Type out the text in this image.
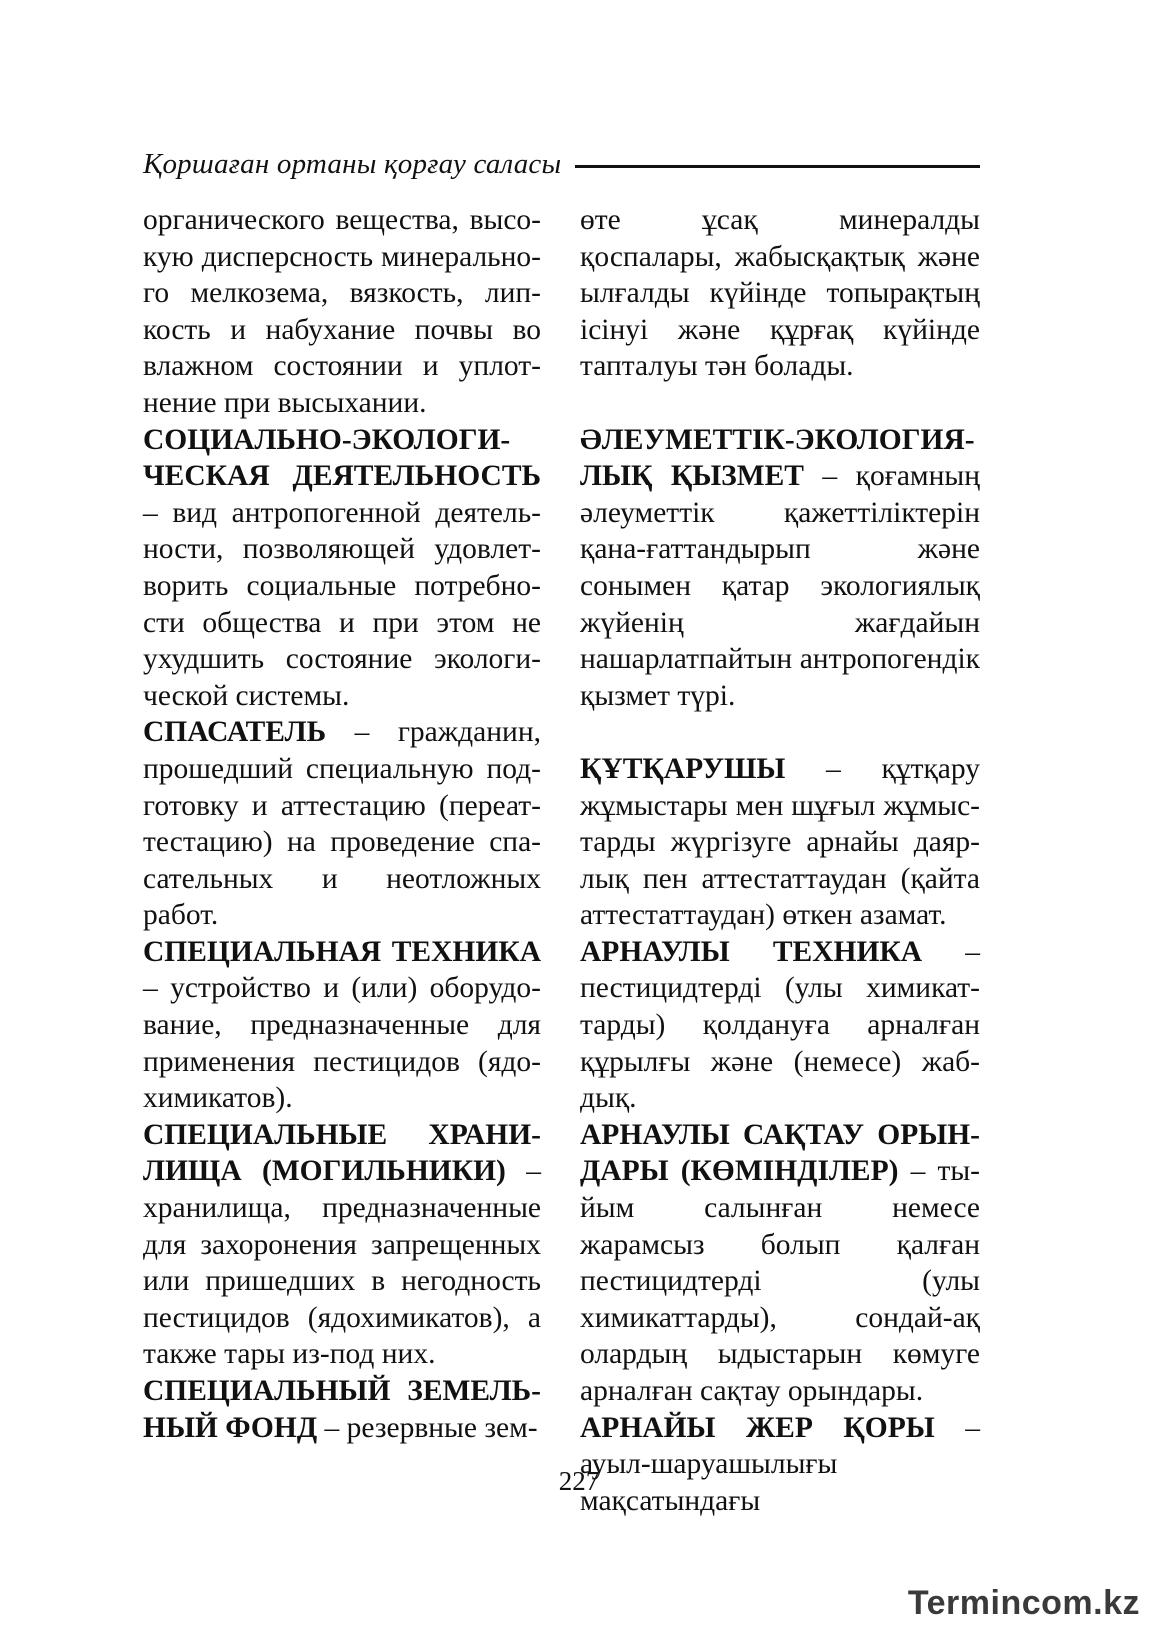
Қоршаған ортаны қорғау саласы

органического вещества, высо-кую дисперсность минерально-го мелкозема, вязкость, лип-кость и набухание почвы во влажном состоянии и уплот-нение при высыхании.

СОЦИАЛЬНО-ЭКОЛОГИ-ЧЕСКАЯ ДЕЯТЕЛЬНОСТЬ – вид антропогенной деятель-ности, позволяющей удовлет-ворить социальные потребно-сти общества и при этом не ухудшить состояние экологи-ческой системы.

СПАСАТЕЛЬ – гражданин, прошедший специальную под-готовку и аттестацию (переат-тестацию) на проведение спа-сательных и неотложных работ.

СПЕЦИАЛЬНАЯ ТЕХНИКА – устройство и (или) оборудо-вание, предназначенные для применения пестицидов (ядо-химикатов).

СПЕЦИАЛЬНЫЕ ХРАНИ-ЛИЩА (МОГИЛЬНИКИ) – хранилища, предназначенные для захоронения запрещенных или пришедших в негодность пестицидов (ядохимикатов), а также тары из-под них.

СПЕЦИАЛЬНЫЙ ЗЕМЕЛЬ-НЫЙ ФОНД – резервные зем-

өте ұсақ минералды қоспалары, жабысқақтық және ылғалды күйінде топырақтың ісінуі және құрғақ күйінде тапталуы тән болады.

ӘЛЕУМЕТТІК-ЭКОЛОГИЯ-ЛЫҚ ҚЫЗМЕТ – қоғамның әлеуметтік қажеттіліктерін қана-ғаттандырып және сонымен қатар экологиялық жүйенің жағдайын нашарлатпайтын антропогендік қызмет түрі.

ҚҰТҚАРУШЫ – құтқару жұмыстары мен шұғыл жұмыс-тарды жүргізуге арнайы даяр-лық пен аттестаттаудан (қайта аттестаттаудан) өткен азамат.

АРНАУЛЫ ТЕХНИКА – пестицидтерді (улы химикат-тарды) қолдануға арналған құрылғы және (немесе) жаб-дық.

АРНАУЛЫ САҚТАУ ОРЫН-ДАРЫ (КӨМІНДІЛЕР) – ты-йым салынған немесе жарамсыз болып қалған пестицидтерді (улы химикаттарды), сондай-ақ олардың ыдыстарын көмуге арналған сақтау орындары.

АРНАЙЫ ЖЕР ҚОРЫ – ауыл-шаруашылығы мақсатындағы

227
Termincom.kz
